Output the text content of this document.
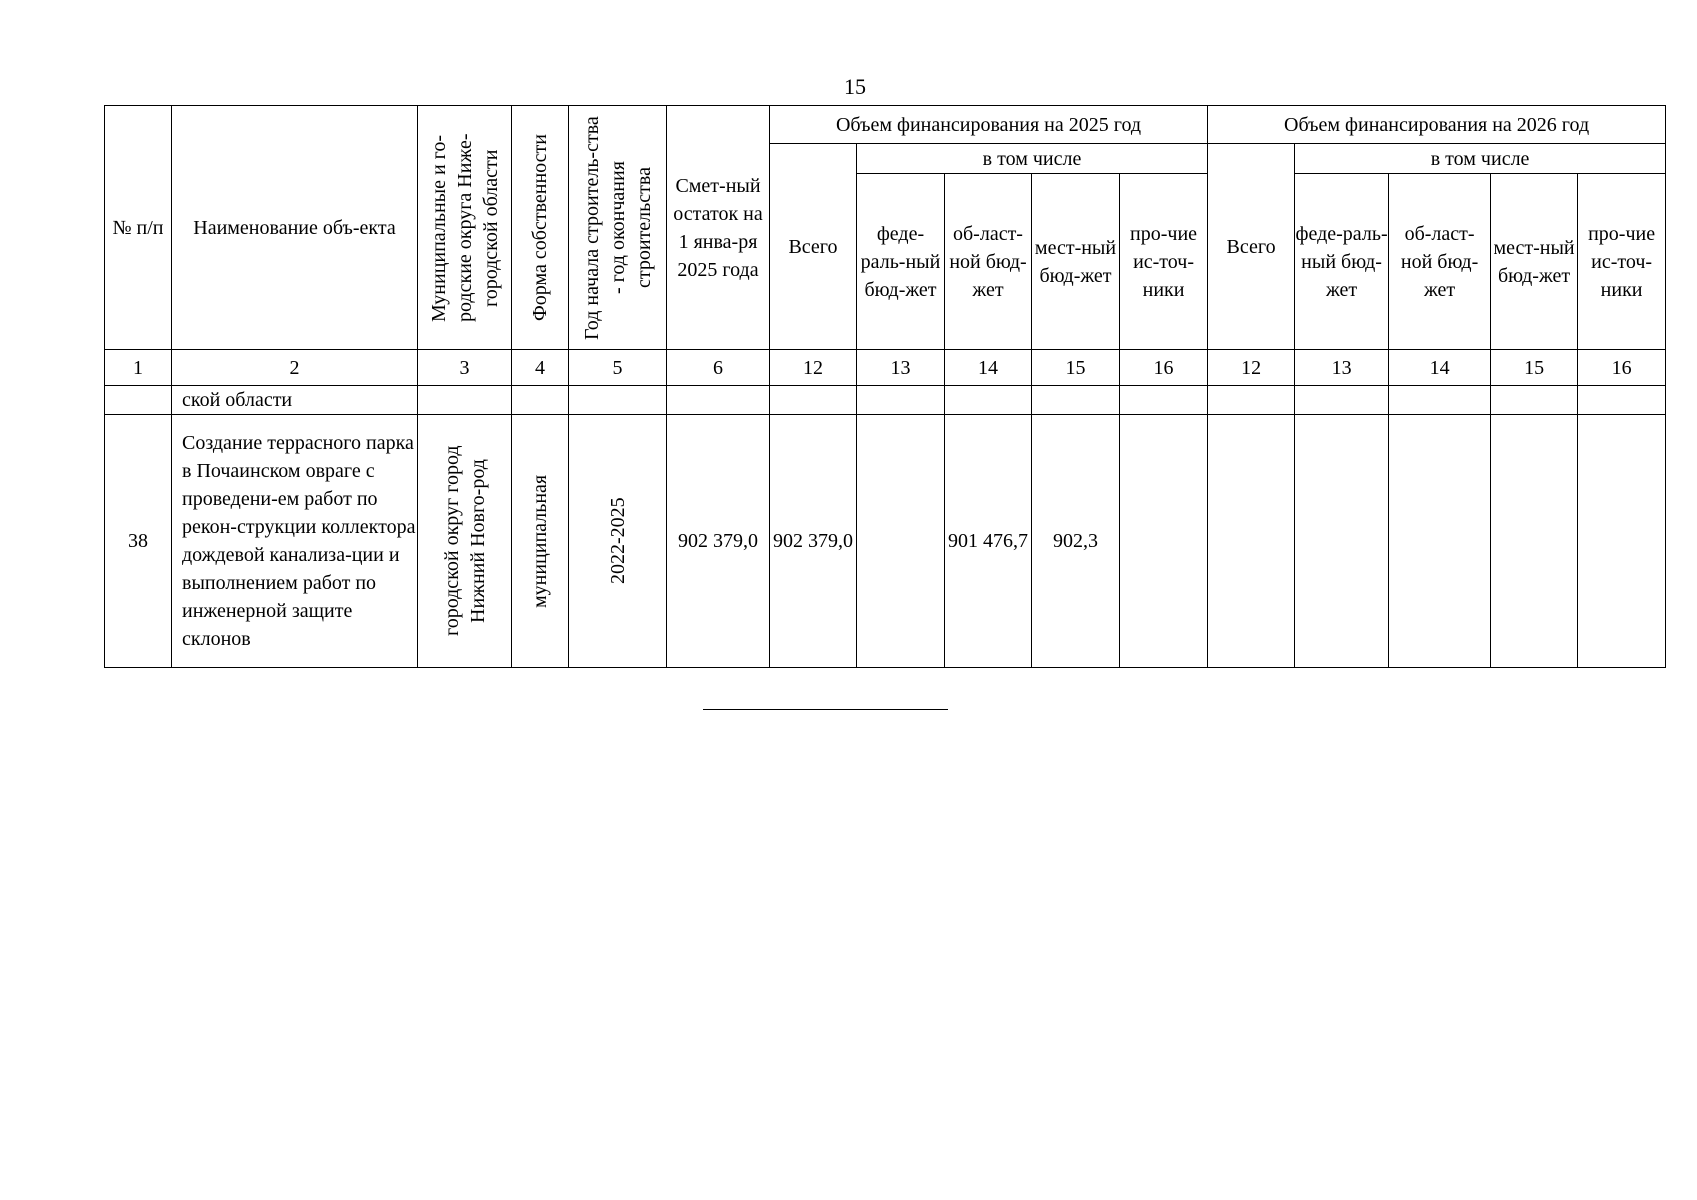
15
№ п/п	Наименование объ-екта	Муниципальные и го-родские округа Ниже-городской области	Форма собственности	Год начала строитель-ства - год окончания строительства	Смет-ный остаток на 1 янва-ря 2025 года	Объем финансирования на 2025 год					Объем финансирования на 2026 год				
						Всего	в том числе				Всего	в том числе			
							феде-раль-ный бюд-жет	об-ласт-ной бюд-жет	мест-ный бюд-жет	про-чие ис-точ-ники		феде-раль-ный бюд-жет	об-ласт-ной бюд-жет	мест-ный бюд-жет	про-чие ис-точ-ники
1	2	3	4	5	6	12	13	14	15	16	12	13	14	15	16
	ской области														
38	Создание террасного парка в Почаинском овраге с проведени-ем работ по рекон-струкции коллектора дождевой канализа-ции и выполнением работ по инженерной защите склонов	городской округ город Нижний Новго-род	муниципальная	2022-2025	902 379,0	902 379,0		901 476,7	902,3						
